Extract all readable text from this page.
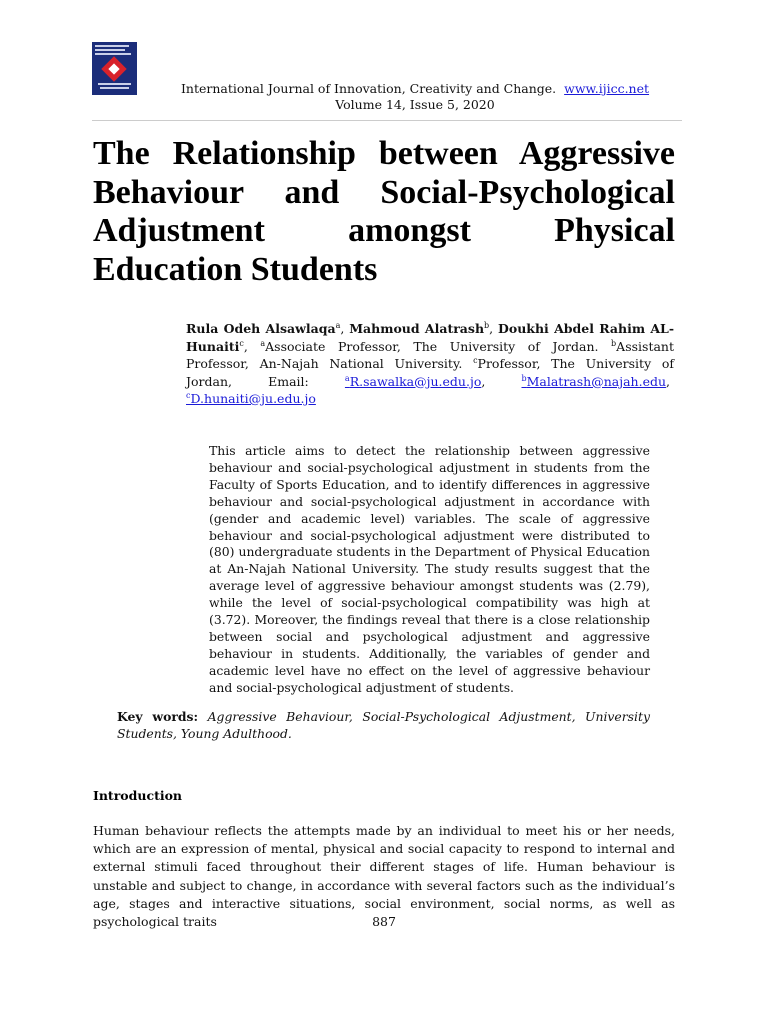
International Journal of Innovation, Creativity and Change. www.ijicc.net
Volume 14, Issue 5, 2020
The Relationship between Aggressive Behaviour and Social-Psychological Adjustment amongst Physical Education Students

Rula Odeh Alsawlaqa$^a$, Mahmoud Alatrash$^b$, Doukhi Abdel Rahim AL-Hunaiti$^c$, $^a$Associate Professor, The University of Jordan. $^b$Assistant Professor, An-Najah National University. $^c$Professor, The University of Jordan, Email:	$^a$R.sawalka@ju.edu.jo, $^b$Malatrash@najah.edu,  $^c$D.hunaiti@ju.edu.jo

This article aims to detect the relationship between aggressive behaviour and social-psychological adjustment in students from the Faculty of Sports Education, and to identify differences in aggressive behaviour and social-psychological adjustment in accordance with (gender and academic level) variables. The scale of aggressive behaviour and social-psychological adjustment were distributed to (80) undergraduate students in the Department of Physical Education at An-Najah National University. The study results suggest that the average level of aggressive behaviour amongst students was (2.79), while the level of social-psychological compatibility was high at (3.72). Moreover, the findings reveal that there is a close relationship between social and psychological adjustment and aggressive behaviour in students. Additionally, the variables of gender and academic level have no effect on the level of aggressive behaviour and social-psychological adjustment of students.

Key words: Aggressive Behaviour, Social-Psychological Adjustment, University Students, Young Adulthood.

Introduction

Human behaviour reflects the attempts made by an individual to meet his or her needs, which are an expression of mental, physical and social capacity to respond to internal and external stimuli faced throughout their different stages of life. Human behaviour is unstable and subject to change, in accordance with several factors such as the individual’s age, stages and interactive situations, social environment, social norms, as well as psychological traits	887
